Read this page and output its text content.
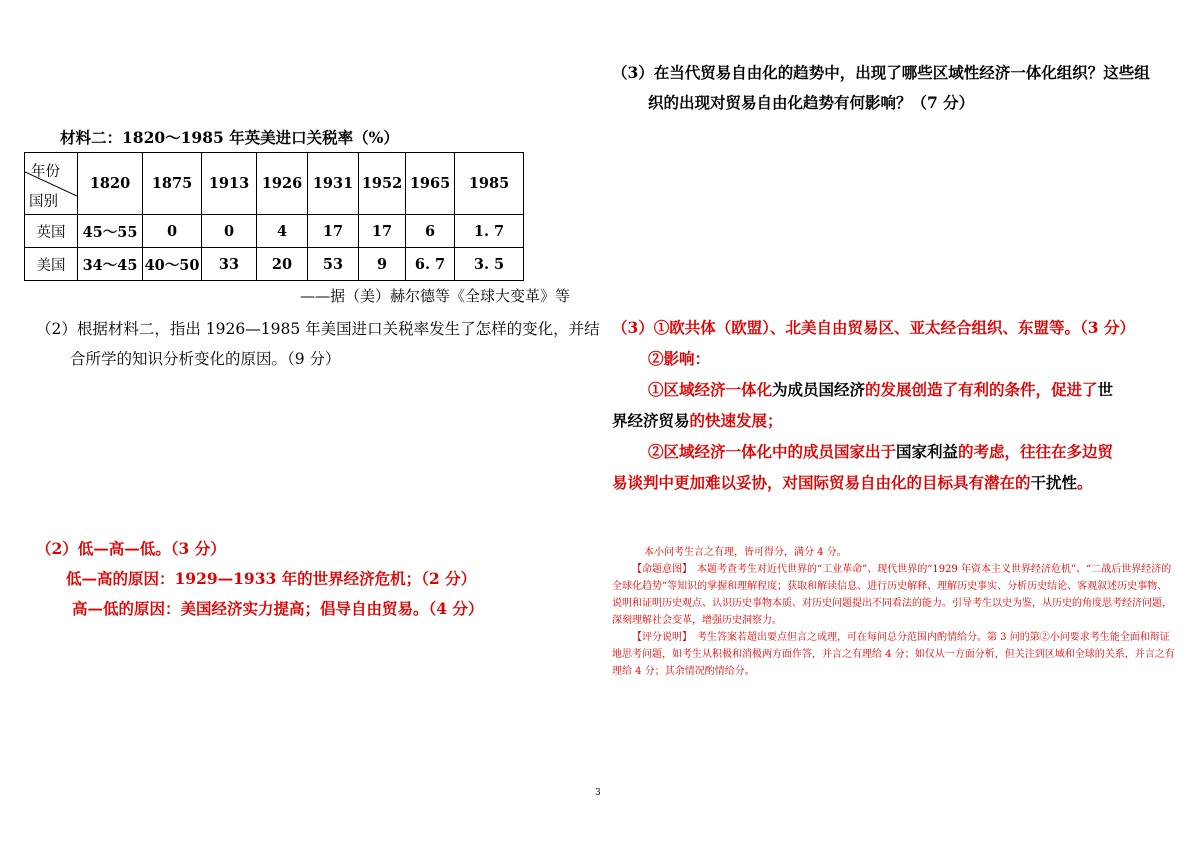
（3）在当代贸易自由化的趋势中，出现了哪些区域性经济一体化组织？这些组
织的出现对贸易自由化趋势有何影响？（7 分）
材料二：1820～1985 年英美进口关税率（%）
年份
国别	1820	1875	1913	1926	1931	1952	1965	1985
英国	45～55	0	0	4	17	17	6	1. 7
美国	34～45	40～50	33	20	53	9	6. 7	3. 5
——据（美）赫尔德等《全球大变革》等
（2）根据材料二，指出 1926—1985 年美国进口关税率发生了怎样的变化，并结
合所学的知识分析变化的原因。（9 分）
（2）低—高—低。（3 分）
低—高的原因：1929—1933 年的世界经济危机；（2 分）
高—低的原因：美国经济实力提高；倡导自由贸易。（4 分）
（3）①欧共体（欧盟）、北美自由贸易区、亚太经合组织、东盟等。（3 分）
②影响：
①区域经济一体化为成员国经济的发展创造了有利的条件，促进了世
界经济贸易的快速发展；
②区域经济一体化中的成员国家出于国家利益的考虑，往往在多边贸
易谈判中更加难以妥协，对国际贸易自由化的目标具有潜在的干扰性。
本小问考生言之有理，皆可得分，满分 4 分。
【命题意图】　本题考查考生对近代世界的“工业革命”、现代世界的“1929 年资本主义世界经济危机”、“二战后世界经济的全球化趋势”等知识的掌握和理解程度；获取和解读信息、进行历史解释、理解历史事实、分析历史结论、客观叙述历史事物、说明和证明历史观点、认识历史事物本质、对历史问题提出不同看法的能力。引导考生以史为鉴，从历史的角度思考经济问题，深刻理解社会变革，增强历史洞察力。
【评分说明】　考生答案若超出要点但言之成理，可在每问总分范围内酌情给分。第 3 问的第②小问要求考生能全面和辩证地思考问题，如考生从积极和消极两方面作答，并言之有理给 4 分；如仅从一方面分析，但关注到区域和全球的关系，并言之有理给 4 分；其余情况酌情给分。
3
